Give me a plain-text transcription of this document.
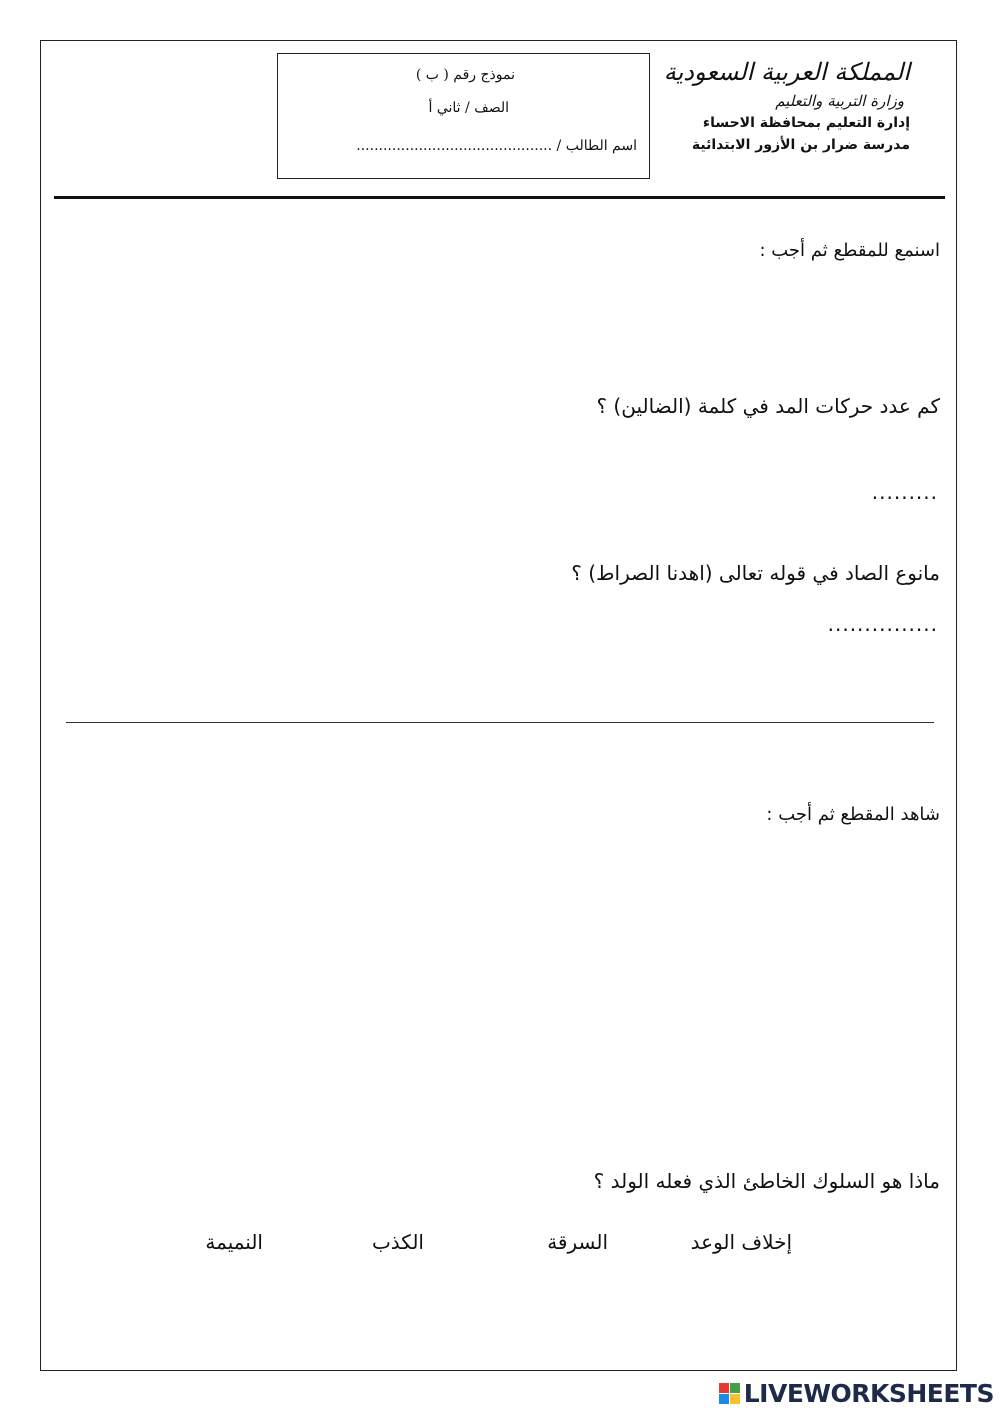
المملكة العربية السعودية
وزارة التربية والتعليم
إدارة التعليم بمحافظة الاحساء
مدرسة ضرار بن الأزور الابتدائية
نموذج رقم ( ب )
الصف / ثاني أ
اسم الطالب / ............................................
اسنمع للمقطع ثم أجب :
كم عدد حركات المد في كلمة (الضالين) ؟
.........
مانوع الصاد في قوله تعالى (اهدنا الصراط) ؟
...............
شاهد المقطع ثم أجب :
ماذا هو السلوك الخاطئ الذي فعله الولد ؟
إخلاف الوعد
السرقة
الكذب
النميمة
LIVEWORKSHEETS
